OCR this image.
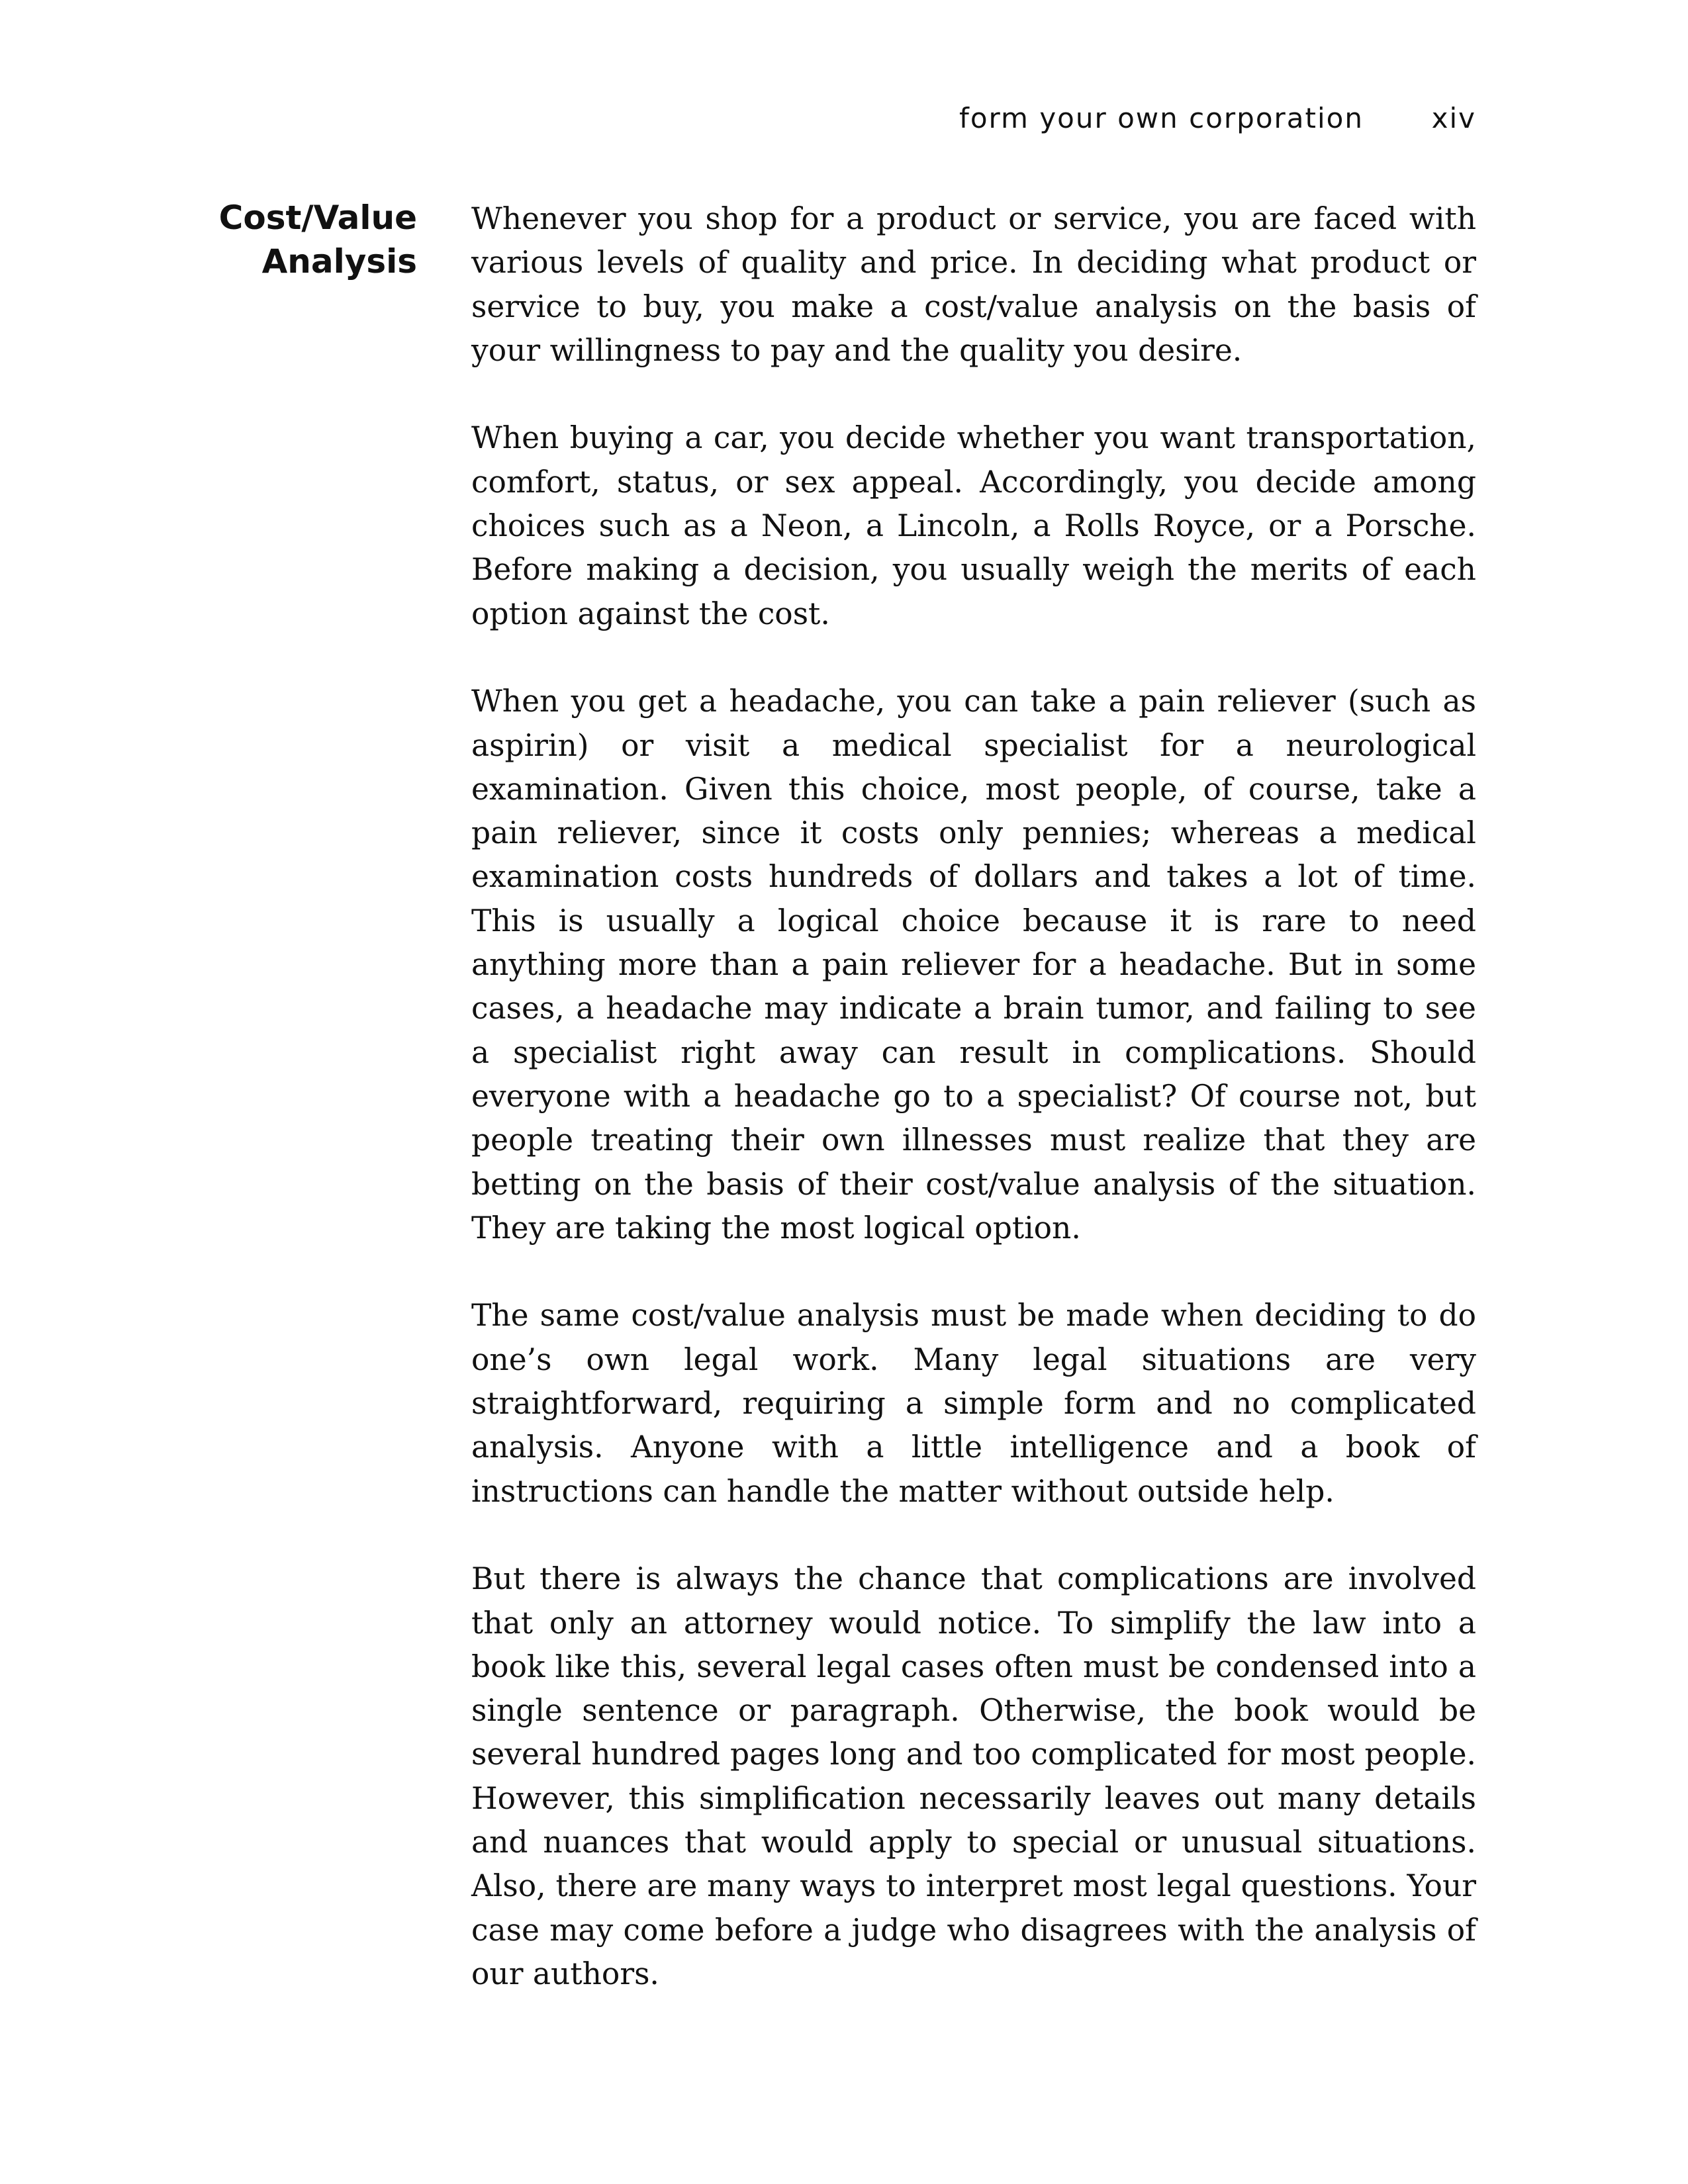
form your own corporation xiv
Cost/Value
Analysis

Whenever you shop for a product or service, you are faced with various levels of quality and price. In deciding what product or service to buy, you make a cost/value analysis on the basis of your willingness to pay and the quality you desire.

When buying a car, you decide whether you want transportation, comfort, status, or sex appeal. Accordingly, you decide among choices such as a Neon, a Lincoln, a Rolls Royce, or a Porsche. Before making a decision, you usually weigh the merits of each option against the cost.

When you get a headache, you can take a pain reliever (such as aspirin) or visit a medical specialist for a neurological examination. Given this choice, most people, of course, take a pain reliever, since it costs only pennies; whereas a medical examination costs hundreds of dollars and takes a lot of time. This is usually a logical choice because it is rare to need anything more than a pain reliever for a headache. But in some cases, a headache may indicate a brain tumor, and failing to see a specialist right away can result in complications. Should everyone with a headache go to a specialist? Of course not, but people treating their own illnesses must realize that they are betting on the basis of their cost/value analysis of the situation. They are taking the most logical option.

The same cost/value analysis must be made when deciding to do one’s own legal work. Many legal situations are very straightforward, requiring a simple form and no complicated analysis. Anyone with a little intelligence and a book of instructions can handle the matter without outside help.

But there is always the chance that complications are involved that only an attorney would notice. To simplify the law into a book like this, several legal cases often must be condensed into a single sentence or paragraph. Otherwise, the book would be several hundred pages long and too complicated for most people. However, this simplification necessarily leaves out many details and nuances that would apply to special or unusual situations. Also, there are many ways to interpret most legal questions. Your case may come before a judge who disagrees with the analysis of our authors.
